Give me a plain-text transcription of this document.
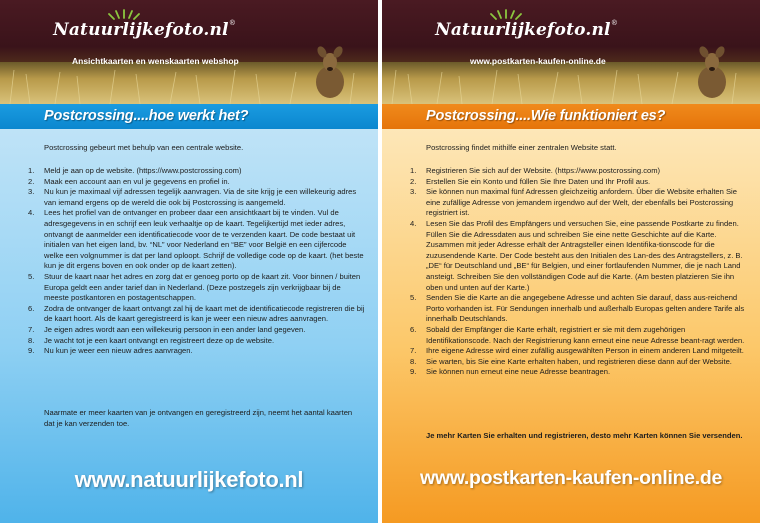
Natuurlijkefoto.nl®
Ansichtkaarten en wenskaarten webshop
Postcrossing....hoe werkt het?

Postcrossing gebeurt met behulp van een centrale website.

1. Meld je aan op de website. (https://www.postcrossing.com)
2. Maak een account aan en vul je gegevens en profiel in.
3. Nu kun je maximaal vijf adressen tegelijk aanvragen. Via de site krijg je een willekeurig adres van iemand ergens op de wereld die ook bij Postcrossing is aangemeld.
4. Lees het profiel van de ontvanger en probeer daar een ansichtkaart bij te vinden. Vul de adresgegevens in en schrijf een leuk verhaaltje op de kaart. Tegelijkertijd met ieder adres, ontvangt de aanmelder een identificatiecode voor de te verzenden kaart. De code bestaat uit initialen van het eigen land, bv. “NL” voor Nederland en “BE” voor België en een cijfercode welke een volgnummer is dat per land oploopt. Schrijf de volledige code op de kaart. (het beste kun je dit ergens boven en ook onder op de kaart zetten).
5. Stuur de kaart naar het adres en zorg dat er genoeg porto op de kaart zit. Voor binnen / buiten Europa geldt een ander tarief dan in Nederland. (Deze postzegels zijn verkrijgbaar bij de meeste postkantoren en postagentschappen.
6. Zodra de ontvanger de kaart ontvangt zal hij de kaart met de identificatiecode registreren die bij de kaart hoort. Als de kaart geregistreerd is kan je weer een nieuw adres aanvragen.
7. Je eigen adres wordt aan een willekeurig persoon in een ander land gegeven.
8. Je wacht tot je een kaart ontvangt en registreert deze op de website.
9. Nu kun je weer een nieuw adres aanvragen.

Naarmate er meer kaarten van je ontvangen en geregistreerd zijn, neemt het aantal kaarten dat je kan verzenden toe.

www.natuurlijkefoto.nl
Natuurlijkefoto.nl®
www.postkarten-kaufen-online.de
Postcrossing....Wie funktioniert es?

Postcrossing findet mithilfe einer zentralen Website statt.

1. Registrieren Sie sich auf der Website. (https://www.postcrossing.com)
2. Erstellen Sie ein Konto und füllen Sie Ihre Daten und Ihr Profil aus.
3. Sie können nun maximal fünf Adressen gleichzeitig anfordern. Über die Website erhalten Sie eine zufällige Adresse von jemandem irgendwo auf der Welt, der ebenfalls bei Postcrossing registriert ist.
4. Lesen Sie das Profil des Empfängers und versuchen Sie, eine passende Postkarte zu finden. Füllen Sie die Adressdaten aus und schreiben Sie eine nette Geschichte auf die Karte. Zusammen mit jeder Adresse erhält der Antragsteller einen Identifika-tionscode für die zuzusendende Karte. Der Code besteht aus den Initialen des Lan-des des Antragstellers, z. B. „DE“ für Deutschland und „BE“ für Belgien, und einer fortlaufenden Nummer, die je nach Land ansteigt. Schreiben Sie den vollständigen Code auf die Karte. (Am besten platzieren Sie ihn oben und unten auf der Karte.)
5. Senden Sie die Karte an die angegebene Adresse und achten Sie darauf, dass aus-reichend Porto vorhanden ist. Für Sendungen innerhalb und außerhalb Europas gelten andere Tarife als innerhalb Deutschlands.
6. Sobald der Empfänger die Karte erhält, registriert er sie mit dem zugehörigen Identifikationscode. Nach der Registrierung kann erneut eine neue Adresse beant-ragt werden.
7. Ihre eigene Adresse wird einer zufällig ausgewählten Person in einem anderen Land mitgeteilt.
8. Sie warten, bis Sie eine Karte erhalten haben, und registrieren diese dann auf der Website.
9. Sie können nun erneut eine neue Adresse beantragen.

Je mehr Karten Sie erhalten und registrieren, desto mehr Karten können Sie versenden.

www.postkarten-kaufen-online.de
